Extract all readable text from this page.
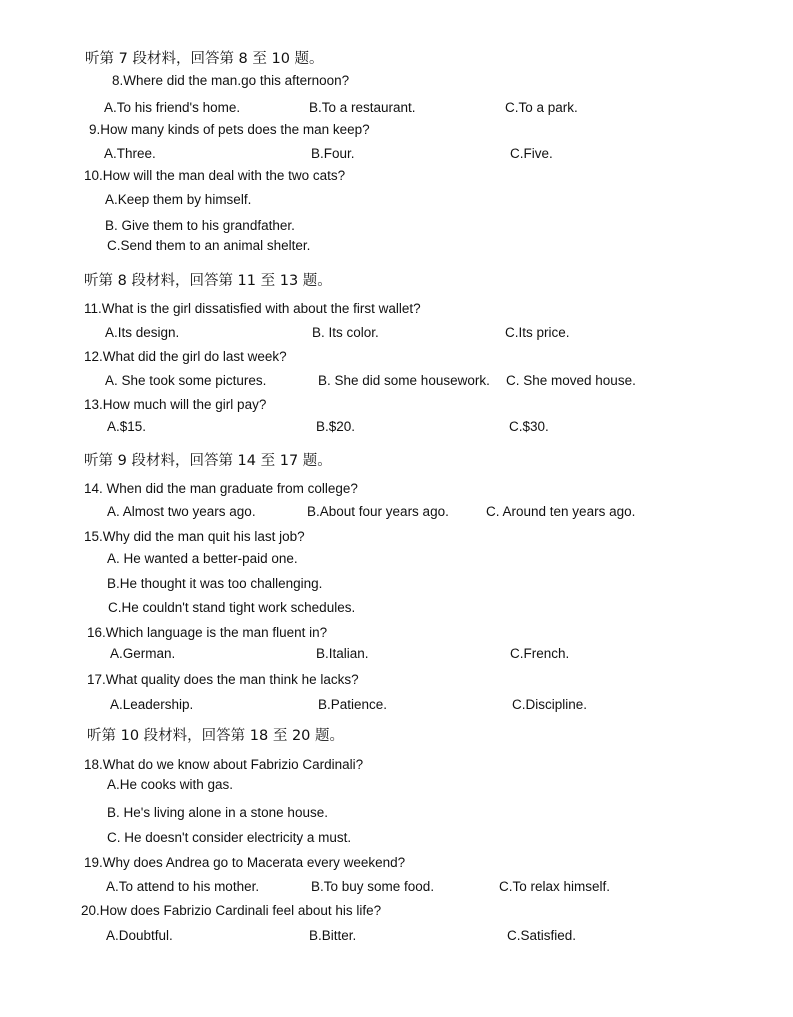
听第 7 段材料，回答第 8 至 10 题。
8.Where did the man.go this afternoon?
A.To his friend's home.	B.To a restaurant.	C.To a park.
9.How many kinds of pets does the man keep?
A.Three.	B.Four.	C.Five.
10.How will the man deal with the two cats?
A.Keep them by himself.
B. Give them to his grandfather.
C.Send them to an animal shelter.
听第 8 段材料，回答第 11 至 13 题。
11.What is the girl dissatisfied with about the first wallet?
A.Its design.	B. Its color.	C.Its price.
12.What did the girl do last week?
A. She took some pictures.	B. She did some housework. C. She moved house.
13.How much will the girl pay?
A.$15.	B.$20.	C.$30.
听第 9 段材料，回答第 14 至 17 题。
14. When did the man graduate from college?
A. Almost two years ago.	B.About four years ago.	C. Around ten years ago.
15.Why did the man quit his last job?
A. He wanted a better-paid one.
B.He thought it was too challenging.
C.He couldn't stand tight work schedules.
16.Which language is the man fluent in?
A.German.	B.Italian.	C.French.
17.What quality does the man think he lacks?
A.Leadership.	B.Patience.	C.Discipline.
听第 10 段材料，回答第 18 至 20 题。
18.What do we know about Fabrizio Cardinali?
A.He cooks with gas.
B. He's living alone in a stone house.
C. He doesn't consider electricity a must.
19.Why does Andrea go to Macerata every weekend?
A.To attend to his mother.	B.To buy some food.	C.To relax himself.
20.How does Fabrizio Cardinali feel about his life?
A.Doubtful.	B.Bitter.	C.Satisfied.
